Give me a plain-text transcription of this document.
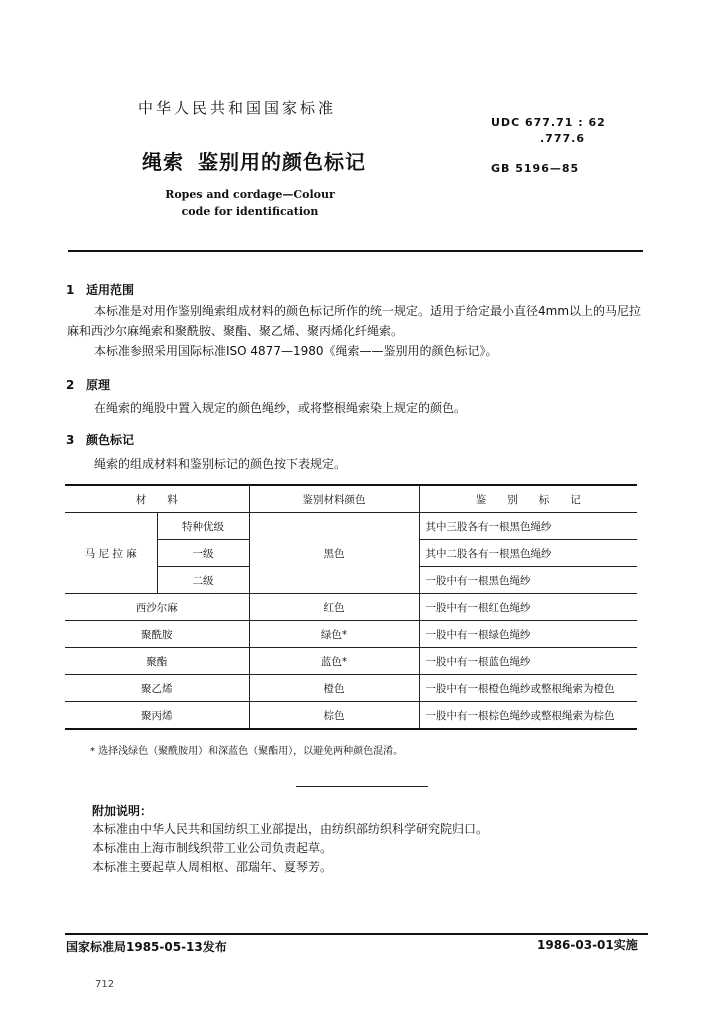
中华人民共和国国家标准
绳索 鉴别用的颜色标记
Ropes and cordage—Colour code for identification
UDC 677.71 : 62
.777.6
GB 5196—85
1 适用范围
本标准是对用作鉴别绳索组成材料的颜色标记所作的统一规定。适用于给定最小直径4mm以上的马尼拉麻和西沙尔麻绳索和聚酰胺、聚酯、聚乙烯、聚丙烯化纤绳索。
本标准参照采用国际标准ISO 4877—1980《绳索——鉴别用的颜色标记》。
2 原理
在绳索的绳股中置入规定的颜色绳纱，或将整根绳索染上规定的颜色。
3 颜色标记
绳索的组成材料和鉴别标记的颜色按下表规定。
材　　料		鉴别材料颜色	鉴　　别　　标　　记
马 尼 拉 麻	特种优级	黑色	其中三股各有一根黑色绳纱
	一级		其中二股各有一根黑色绳纱
	二级		一股中有一根黑色绳纱
西沙尔麻		红色	一股中有一根红色绳纱
聚酰胺		绿色*	一股中有一根绿色绳纱
聚酯		蓝色*	一股中有一根蓝色绳纱
聚乙烯		橙色	一股中有一根橙色绳纱或整根绳索为橙色
聚丙烯		棕色	一股中有一根棕色绳纱或整根绳索为棕色
* 选择浅绿色（聚酰胺用）和深蓝色（聚酯用），以避免两种颜色混淆。
附加说明：
本标准由中华人民共和国纺织工业部提出，由纺织部纺织科学研究院归口。
本标准由上海市制线织带工业公司负责起草。
本标准主要起草人周相枢、邵瑞年、夏琴芳。
国家标准局1985-05-13发布	1986-03-01实施
712
